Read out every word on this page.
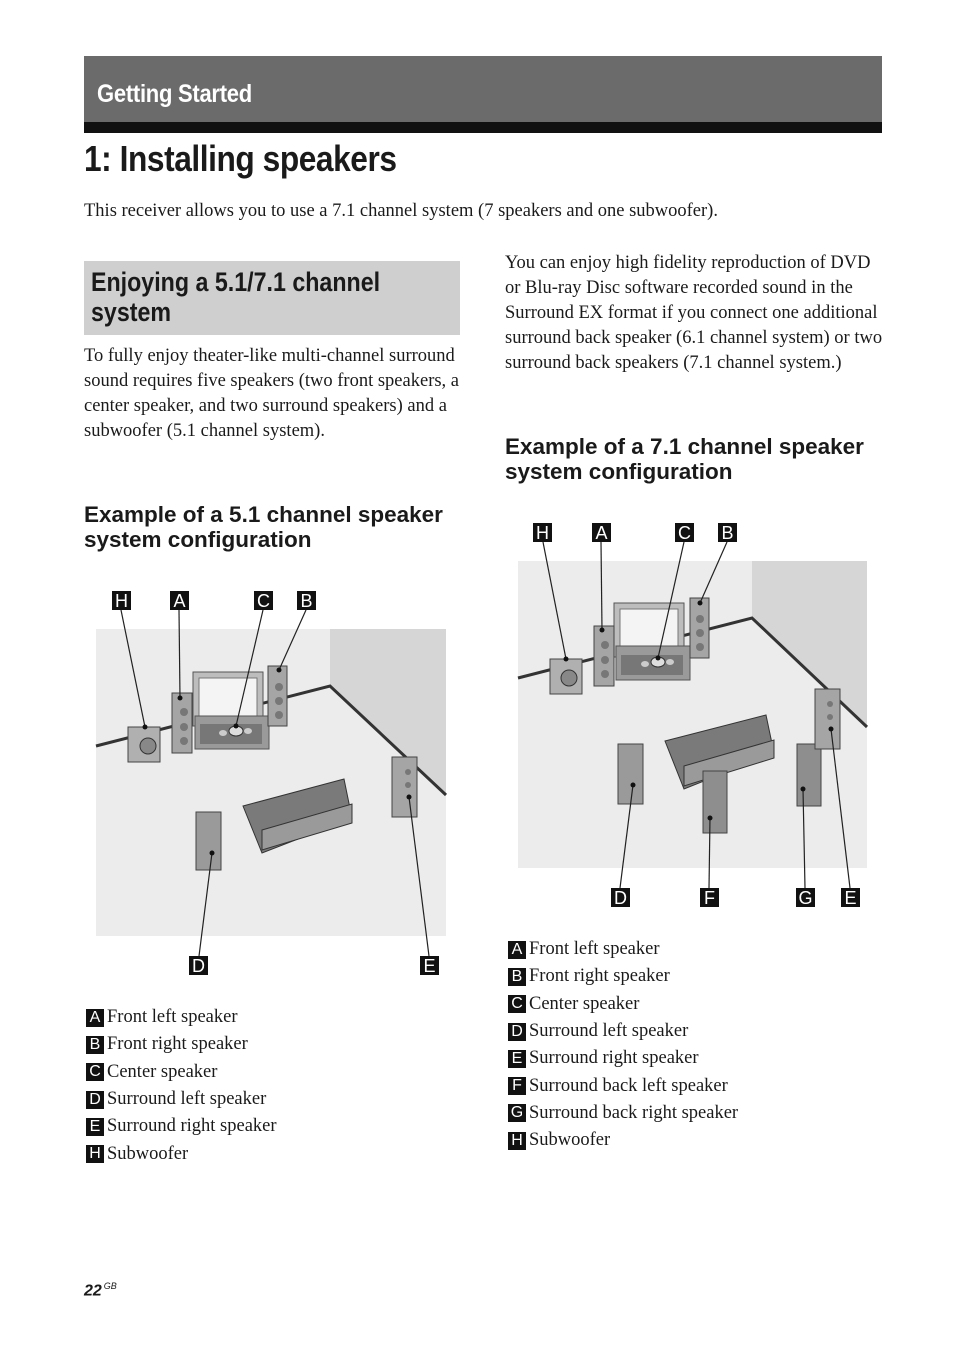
Getting Started
1: Installing speakers
This receiver allows you to use a 7.1 channel system (7 speakers and one subwoofer).
Enjoying a 5.1/7.1 channel system
To fully enjoy theater-like multi-channel surround sound requires five speakers (two front speakers, a center speaker, and two surround speakers) and a subwoofer (5.1 channel system).
You can enjoy high fidelity reproduction of DVD or Blu-ray Disc software recorded sound in the Surround EX format if you connect one additional surround back speaker (6.1 channel system) or two surround back speakers (7.1 channel system.)
Example of a 5.1 channel speaker system configuration
Example of a 7.1 channel speaker system configuration
H	A	C B
D	E
H	A	C B
D	F	G E
A Front left speaker
B Front right speaker
C Center speaker
D Surround left speaker
E Surround right speaker
H Subwoofer
A Front left speaker
B Front right speaker
C Center speaker
D Surround left speaker
E Surround right speaker
F Surround back left speaker
G Surround back right speaker
H Subwoofer
22 $^{GB}$
